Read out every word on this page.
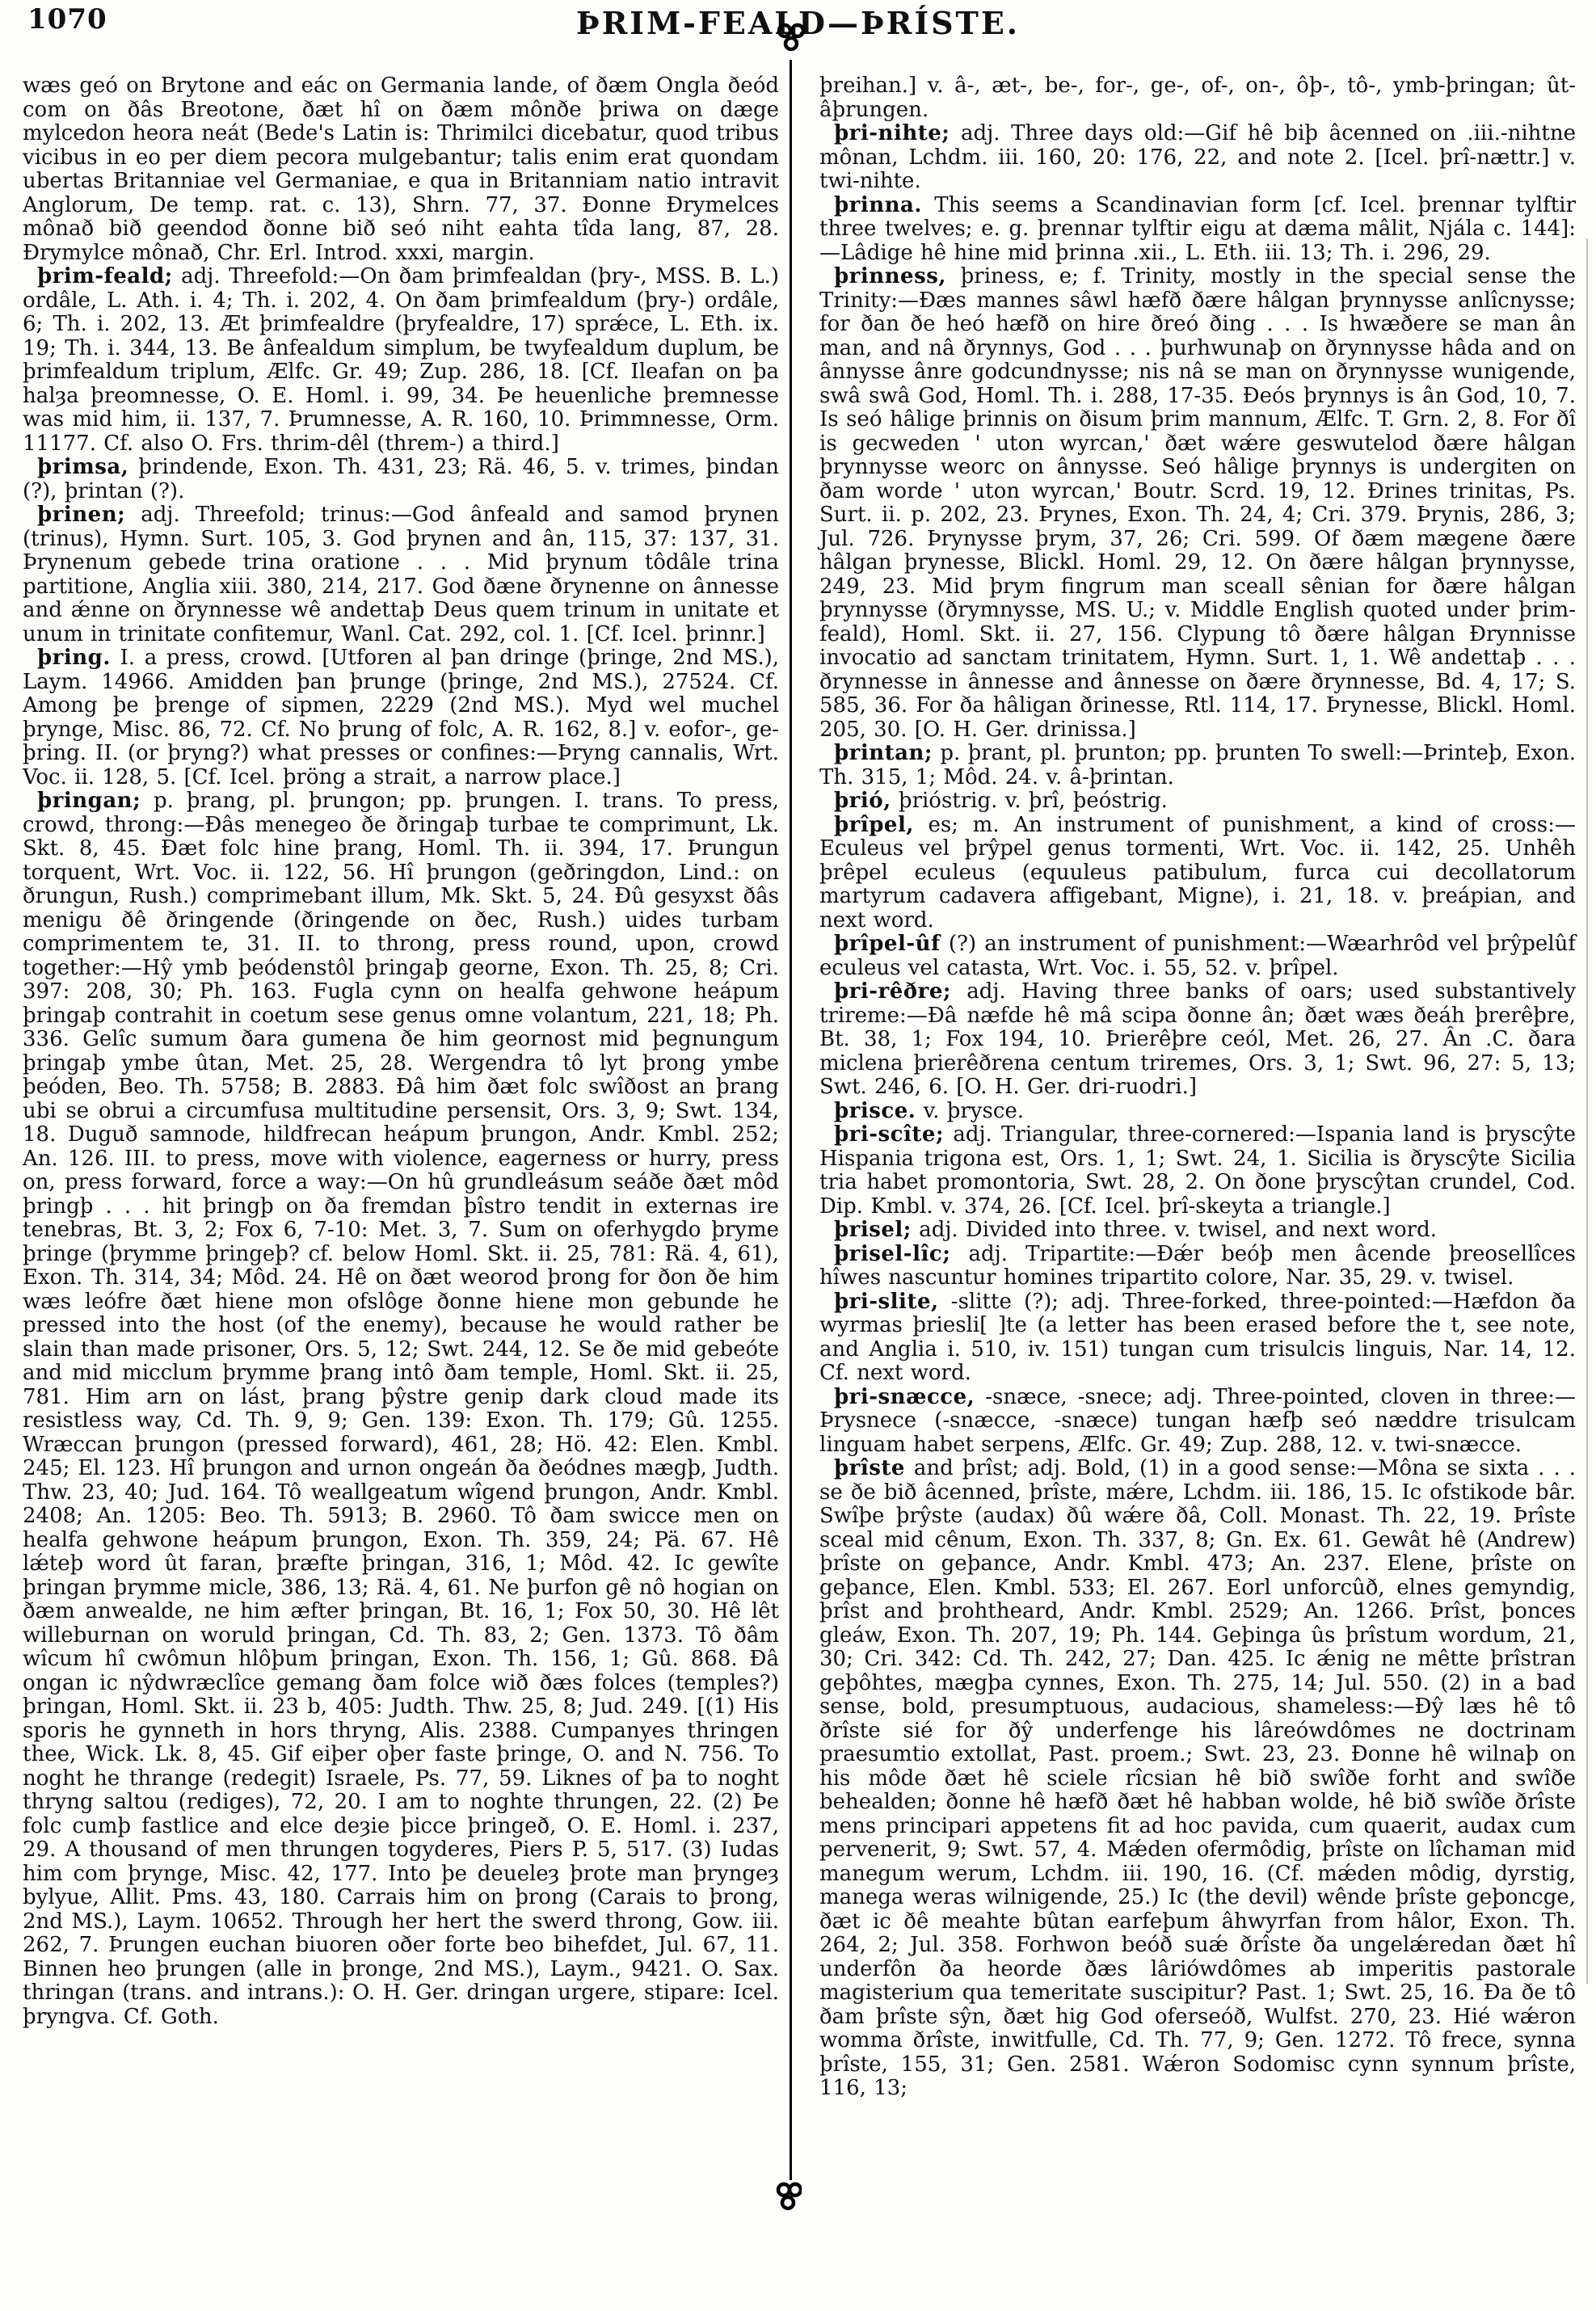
1070	ÞRIM-FEALD—ÞRÍSTE.

wæs geó on Brytone and eác on Germania lande, of ðæm Ongla ðeód com on ðâs Breotone, ðæt hî on ðæm mônðe þriwa on dæge mylcedon heora neát (Bede's Latin is: Thrimilci dicebatur, quod tribus vicibus in eo per diem pecora mulgebantur; talis enim erat quondam ubertas Britanniae vel Germaniae, e qua in Britanniam natio intravit Anglorum, De temp. rat. c. 13), Shrn. 77, 37. Ðonne Ðrymelces mônað bið geendod ðonne bið seó niht eahta tîda lang, 87, 28. Ðrymylce mônað, Chr. Erl. Introd. xxxi, margin.

þrim-feald; adj. Threefold:—On ðam þrimfealdan (þry-, MSS. B. L.) ordâle, L. Ath. i. 4; Th. i. 202, 4. On ðam þrimfealdum (þry-) ordâle, 6; Th. i. 202, 13. Æt þrimfealdre (þryfealdre, 17) sprǽce, L. Eth. ix. 19; Th. i. 344, 13. Be ânfealdum simplum, be twyfealdum duplum, be þrimfealdum triplum, Ælfc. Gr. 49; Zup. 286, 18. [Cf. Ileafan on þa halȝa þreomnesse, O. E. Homl. i. 99, 34. Þe heuenliche þremnesse was mid him, ii. 137, 7. Þrumnesse, A. R. 160, 10. Þrimmnesse, Orm. 11177. Cf. also O. Frs. thrim-dêl (threm-) a third.]

þrimsa, þrindende, Exon. Th. 431, 23; Rä. 46, 5. v. trimes, þindan (?), þrintan (?).

þrinen; adj. Threefold; trinus:—God ânfeald and samod þrynen (trinus), Hymn. Surt. 105, 3. God þrynen and ân, 115, 37: 137, 31. Þrynenum gebede trina oratione . . . Mid þrynum tôdâle trina partitione, Anglia xiii. 380, 214, 217. God ðæne ðrynenne on ânnesse and ǽnne on ðrynnesse wê andettaþ Deus quem trinum in unitate et unum in trinitate confitemur, Wanl. Cat. 292, col. 1. [Cf. Icel. þrinnr.]

þring. I. a press, crowd. [Utforen al þan dringe (þringe, 2nd MS.), Laym. 14966. Amidden þan þrunge (þringe, 2nd MS.), 27524. Cf. Among þe þrenge of sipmen, 2229 (2nd MS.). Myd wel muchel þrynge, Misc. 86, 72. Cf. No þrung of folc, A. R. 162, 8.] v. eofor-, ge-þring. II. (or þryng?) what presses or confines:—Þryng cannalis, Wrt. Voc. ii. 128, 5. [Cf. Icel. þröng a strait, a narrow place.]

þringan; p. þrang, pl. þrungon; pp. þrungen. I. trans. To press, crowd, throng:—Ðâs menegeo ðe ðringaþ turbae te comprimunt, Lk. Skt. 8, 45. Ðæt folc hine þrang, Homl. Th. ii. 394, 17. Þrungun torquent, Wrt. Voc. ii. 122, 56. Hî þrungon (geðringdon, Lind.: on ðrungun, Rush.) comprimebant illum, Mk. Skt. 5, 24. Ðû gesyxst ðâs menigu ðê ðringende (ðringende on ðec, Rush.) uides turbam comprimentem te, 31. II. to throng, press round, upon, crowd together:—Hŷ ymb þeódenstôl þringaþ georne, Exon. Th. 25, 8; Cri. 397: 208, 30; Ph. 163. Fugla cynn on healfa gehwone heápum þringaþ contrahit in coetum sese genus omne volantum, 221, 18; Ph. 336. Gelîc sumum ðara gumena ðe him geornost mid þegnungum þringaþ ymbe ûtan, Met. 25, 28. Wergendra tô lyt þrong ymbe þeóden, Beo. Th. 5758; B. 2883. Ðâ him ðæt folc swîðost an þrang ubi se obrui a circumfusa multitudine persensit, Ors. 3, 9; Swt. 134, 18. Duguð samnode, hildfrecan heápum þrungon, Andr. Kmbl. 252; An. 126. III. to press, move with violence, eagerness or hurry, press on, press forward, force a way:—On hû grundleásum seáðe ðæt môd þringþ . . . hit þringþ on ða fremdan þîstro tendit in externas ire tenebras, Bt. 3, 2; Fox 6, 7-10: Met. 3, 7. Sum on oferhygdo þryme þringe (þrymme þringeþ? cf. below Homl. Skt. ii. 25, 781: Rä. 4, 61), Exon. Th. 314, 34; Môd. 24. Hê on ðæt weorod þrong for ðon ðe him wæs leófre ðæt hiene mon ofslôge ðonne hiene mon gebunde he pressed into the host (of the enemy), because he would rather be slain than made prisoner, Ors. 5, 12; Swt. 244, 12. Se ðe mid gebeóte and mid micclum þrymme þrang intô ðam temple, Homl. Skt. ii. 25, 781. Him arn on lást, þrang þŷstre genip dark cloud made its resistless way, Cd. Th. 9, 9; Gen. 139: Exon. Th. 179; Gû. 1255. Wræccan þrungon (pressed forward), 461, 28; Hö. 42: Elen. Kmbl. 245; El. 123. Hî þrungon and urnon ongeán ða ðeódnes mægþ, Judth. Thw. 23, 40; Jud. 164. Tô weallgeatum wîgend þrungon, Andr. Kmbl. 2408; An. 1205: Beo. Th. 5913; B. 2960. Tô ðam swicce men on healfa gehwone heápum þrungon, Exon. Th. 359, 24; Pä. 67. Hê lǽteþ word ût faran, þræfte þringan, 316, 1; Môd. 42. Ic gewîte þringan þrymme micle, 386, 13; Rä. 4, 61. Ne þurfon gê nô hogian on ðæm anwealde, ne him æfter þringan, Bt. 16, 1; Fox 50, 30. Hê lêt willeburnan on woruld þringan, Cd. Th. 83, 2; Gen. 1373. Tô ðâm wîcum hî cwômun hlôþum þringan, Exon. Th. 156, 1; Gû. 868. Ðâ ongan ic nŷdwræclîce gemang ðam folce wið ðæs folces (temples?) þringan, Homl. Skt. ii. 23 b, 405: Judth. Thw. 25, 8; Jud. 249. [(1) His sporis he gynneth in hors thryng, Alis. 2388. Cumpanyes thringen thee, Wick. Lk. 8, 45. Gif eiþer oþer faste þringe, O. and N. 756. To noght he thrange (redegit) Israele, Ps. 77, 59. Liknes of þa to noght thryng saltou (rediges), 72, 20. I am to noghte thrungen, 22. (2) Þe folc cumþ fastlice and elce deȝie þicce þringeð, O. E. Homl. i. 237, 29. A thousand of men thrungen togyderes, Piers P. 5, 517. (3) Iudas him com þrynge, Misc. 42, 177. Into þe deueleȝ þrote man þryngeȝ bylyue, Allit. Pms. 43, 180. Carrais him on þrong (Carais to þrong, 2nd MS.), Laym. 10652. Through her hert the swerd throng, Gow. iii. 262, 7. Þrungen euchan biuoren oðer forte beo bihefdet, Jul. 67, 11. Binnen heo þrungen (alle in þronge, 2nd MS.), Laym., 9421. O. Sax. thringan (trans. and intrans.): O. H. Ger. dringan urgere, stipare: Icel. þryngva. Cf. Goth.

þreihan.] v. â-, æt-, be-, for-, ge-, of-, on-, ôþ-, tô-, ymb-þringan; ût-âþrungen.

þri-nihte; adj. Three days old:—Gif hê biþ âcenned on .iii.-nihtne mônan, Lchdm. iii. 160, 20: 176, 22, and note 2. [Icel. þrî-nættr.] v. twi-nihte.

þrinna. This seems a Scandinavian form [cf. Icel. þrennar tylftir three twelves; e. g. þrennar tylftir eigu at dæma mâlit, Njála c. 144]:—Lâdige hê hine mid þrinna .xii., L. Eth. iii. 13; Th. i. 296, 29.

þrinness, þriness, e; f. Trinity, mostly in the special sense the Trinity:—Ðæs mannes sâwl hæfð ðære hâlgan þrynnysse anlîcnysse; for ðan ðe heó hæfð on hire ðreó ðing . . . Is hwæðere se man ân man, and nâ ðrynnys, God . . . þurhwunaþ on ðrynnysse hâda and on ânnysse ânre godcundnysse; nis nâ se man on ðrynnysse wunigende, swâ swâ God, Homl. Th. i. 288, 17-35. Ðeós þrynnys is ân God, 10, 7. Is seó hâlige þrinnis on ðisum þrim mannum, Ælfc. T. Grn. 2, 8. For ðî is gecweden ' uton wyrcan,' ðæt wǽre geswutelod ðære hâlgan þrynnysse weorc on ânnysse. Seó hâlige þrynnys is undergiten on ðam worde ' uton wyrcan,' Boutr. Scrd. 19, 12. Ðrines trinitas, Ps. Surt. ii. p. 202, 23. Þrynes, Exon. Th. 24, 4; Cri. 379. Þrynis, 286, 3; Jul. 726. Þrynysse þrym, 37, 26; Cri. 599. Of ðæm mægene ðære hâlgan þrynesse, Blickl. Homl. 29, 12. On ðære hâlgan þrynnysse, 249, 23. Mid þrym fingrum man sceall sênian for ðære hâlgan þrynnysse (ðrymnysse, MS. U.; v. Middle English quoted under þrim-feald), Homl. Skt. ii. 27, 156. Clypung tô ðære hâlgan Ðrynnisse invocatio ad sanctam trinitatem, Hymn. Surt. 1, 1. Wê andettaþ . . . ðrynnesse in ânnesse and ânnesse on ðære ðrynnesse, Bd. 4, 17; S. 585, 36. For ða hâligan ðrinesse, Rtl. 114, 17. Þrynesse, Blickl. Homl. 205, 30. [O. H. Ger. drinissa.]

þrintan; p. þrant, pl. þrunton; pp. þrunten To swell:—Þrinteþ, Exon. Th. 315, 1; Môd. 24. v. â-þrintan.

þrió, þrióstrig. v. þrî, þeóstrig.

þrîpel, es; m. An instrument of punishment, a kind of cross:—Eculeus vel þrŷpel genus tormenti, Wrt. Voc. ii. 142, 25. Unhêh þrêpel eculeus (equuleus patibulum, furca cui decollatorum martyrum cadavera affigebant, Migne), i. 21, 18. v. þreápian, and next word.

þrîpel-ûf (?) an instrument of punishment:—Wæarhrôd vel þrŷpelûf eculeus vel catasta, Wrt. Voc. i. 55, 52. v. þrîpel.

þri-rêðre; adj. Having three banks of oars; used substantively trireme:—Ðâ næfde hê mâ scipa ðonne ân; ðæt wæs ðeáh þrerêþre, Bt. 38, 1; Fox 194, 10. Þrierêþre ceól, Met. 26, 27. Ân .C. ðara miclena þrierêðrena centum triremes, Ors. 3, 1; Swt. 96, 27: 5, 13; Swt. 246, 6. [O. H. Ger. dri-ruodri.]

þrisce. v. þrysce.

þri-scîte; adj. Triangular, three-cornered:—Ispania land is þryscŷte Hispania trigona est, Ors. 1, 1; Swt. 24, 1. Sicilia is ðryscŷte Sicilia tria habet promontoria, Swt. 28, 2. On ðone þryscŷtan crundel, Cod. Dip. Kmbl. v. 374, 26. [Cf. Icel. þrî-skeyta a triangle.]

þrisel; adj. Divided into three. v. twisel, and next word.

þrisel-lîc; adj. Tripartite:—Ðǽr beóþ men âcende þreosellîces hîwes nascuntur homines tripartito colore, Nar. 35, 29. v. twisel.

þri-slite, -slitte (?); adj. Three-forked, three-pointed:—Hæfdon ða wyrmas þriesli[ ]te (a letter has been erased before the t, see note, and Anglia i. 510, iv. 151) tungan cum trisulcis linguis, Nar. 14, 12. Cf. next word.

þri-snæcce, -snæce, -snece; adj. Three-pointed, cloven in three:—Þrysnece (-snæcce, -snæce) tungan hæfþ seó næddre trisulcam linguam habet serpens, Ælfc. Gr. 49; Zup. 288, 12. v. twi-snæcce.

þrîste and þrîst; adj. Bold, (1) in a good sense:—Môna se sixta . . . se ðe bið âcenned, þrîste, mǽre, Lchdm. iii. 186, 15. Ic ofstikode bâr. Swîþe þrŷste (audax) ðû wǽre ðâ, Coll. Monast. Th. 22, 19. Þrîste sceal mid cênum, Exon. Th. 337, 8; Gn. Ex. 61. Gewât hê (Andrew) þrîste on geþance, Andr. Kmbl. 473; An. 237. Elene, þrîste on geþance, Elen. Kmbl. 533; El. 267. Eorl unforcûð, elnes gemyndig, þrîst and þrohtheard, Andr. Kmbl. 2529; An. 1266. Þrîst, þonces gleáw, Exon. Th. 207, 19; Ph. 144. Geþinga ûs þrîstum wordum, 21, 30; Cri. 342: Cd. Th. 242, 27; Dan. 425. Ic ǽnig ne mêtte þrîstran geþôhtes, mægþa cynnes, Exon. Th. 275, 14; Jul. 550. (2) in a bad sense, bold, presumptuous, audacious, shameless:—Ðŷ læs hê tô ðrîste sié for ðŷ underfenge his lâreówdômes ne doctrinam praesumtio extollat, Past. proem.; Swt. 23, 23. Ðonne hê wilnaþ on his môde ðæt hê sciele rîcsian hê bið swîðe forht and swîðe behealden; ðonne hê hæfð ðæt hê habban wolde, hê bið swîðe ðrîste mens principari appetens fit ad hoc pavida, cum quaerit, audax cum pervenerit, 9; Swt. 57, 4. Mǽden ofermôdig, þrîste on lîchaman mid manegum werum, Lchdm. iii. 190, 16. (Cf. mǽden môdig, dyrstig, manega weras wilnigende, 25.) Ic (the devil) wênde þrîste geþoncge, ðæt ic ðê meahte bûtan earfeþum âhwyrfan from hâlor, Exon. Th. 264, 2; Jul. 358. Forhwon beóð suǽ ðrîste ða ungelǽredan ðæt hî underfôn ða heorde ðæs lâriówdômes ab imperitis pastorale magisterium qua temeritate suscipitur? Past. 1; Swt. 25, 16. Ða ðe tô ðam þrîste sŷn, ðæt hig God oferseóð, Wulfst. 270, 23. Hié wǽron womma ðrîste, inwitfulle, Cd. Th. 77, 9; Gen. 1272. Tô frece, synna þrîste, 155, 31; Gen. 2581. Wǽron Sodomisc cynn synnum þrîste, 116, 13;
